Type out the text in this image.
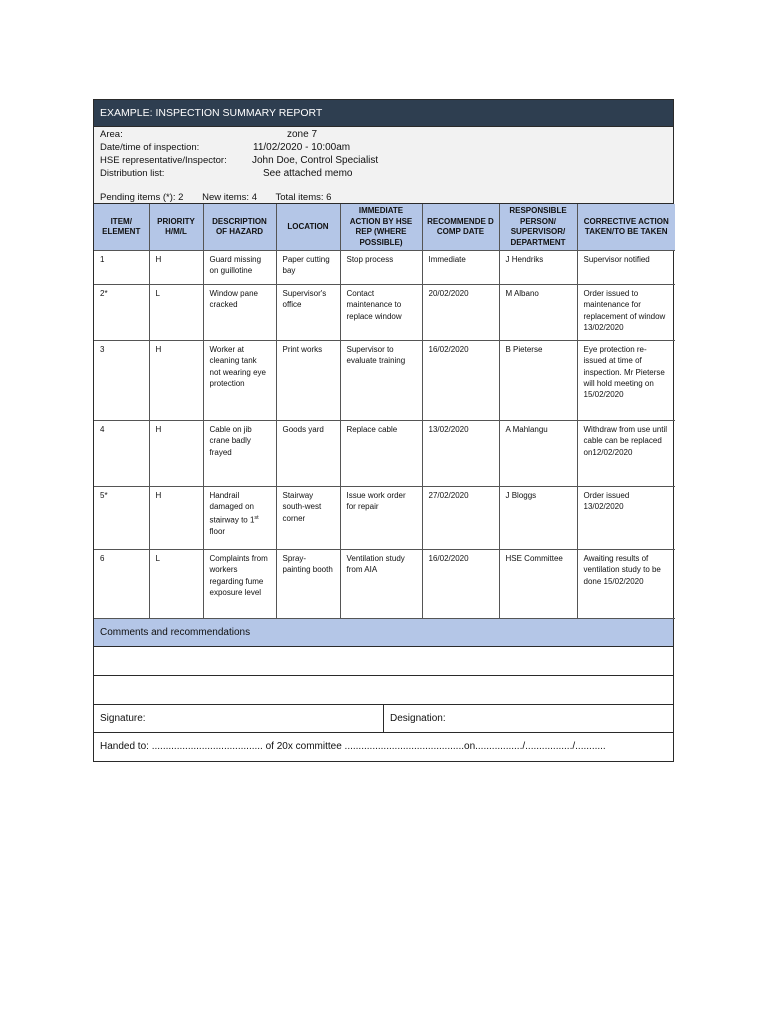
EXAMPLE: INSPECTION SUMMARY REPORT
Area:	zone 7
Date/time of inspection:	11/02/2020 - 10:00am
HSE representative/Inspector:	John Doe, Control Specialist
Distribution list:	See attached memo
Pending items (*): 2 New items: 4 Total items: 6
ITEM/ ELEMENT	PRIORITY H/M/L	DESCRIPTION OF HAZARD	LOCATION	IMMEDIATE ACTION BY HSE REP (WHERE POSSIBLE)	RECOMMENDE D COMP DATE	RESPONSIBLE PERSON/ SUPERVISOR/ DEPARTMENT	CORRECTIVE ACTION TAKEN/TO BE TAKEN
1	H	Guard missing on guillotine	Paper cutting bay	Stop process	Immediate	J Hendriks	Supervisor notified
2*	L	Window pane cracked	Supervisor's office	Contact maintenance to replace window	20/02/2020	M Albano	Order issued to maintenance for replacement of window 13/02/2020
3	H	Worker at cleaning tank not wearing eye protection	Print works	Supervisor to evaluate training	16/02/2020	B Pieterse	Eye protection re-issued at time of inspection. Mr Pieterse will hold meeting on 15/02/2020
4	H	Cable on jib crane badly frayed	Goods yard	Replace cable	13/02/2020	A Mahlangu	Withdraw from use until cable can be replaced on12/02/2020
5*	H	Handrail damaged on stairway to 1st floor	Stairway south-west corner	Issue work order for repair	27/02/2020	J Bloggs	Order issued 13/02/2020
6	L	Complaints from workers regarding fume exposure level	Spray-painting booth	Ventilation study from AIA	16/02/2020	HSE Committee	Awaiting results of ventilation study to be done 15/02/2020
Comments and recommendations
Signature:	Designation:
Handed to: ........................................ of 20x committee ...........................................on................./................./...........
